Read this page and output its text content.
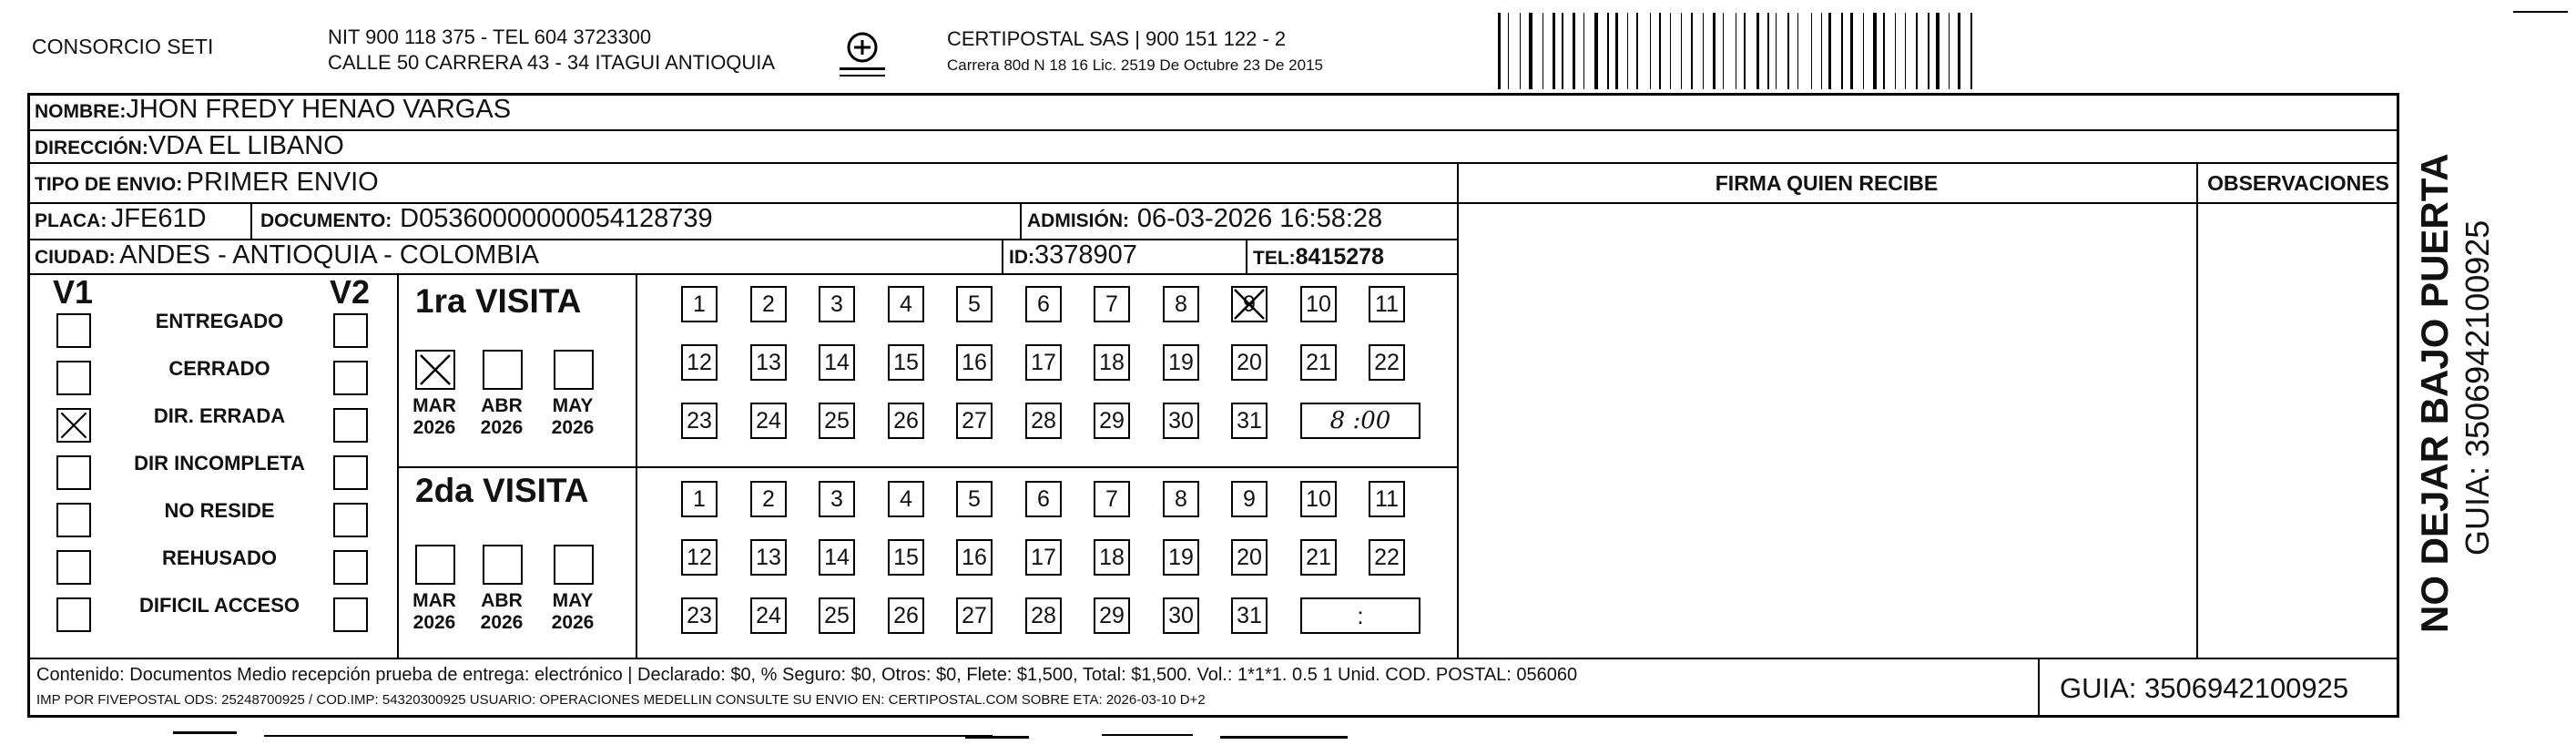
CONSORCIO SETI	NIT 900 118 375 - TEL 604 3723300
CALLE 50 CARRERA 43 - 34 ITAGUI ANTIOQUIA
CERTIPOSTAL SAS | 900 151 122 - 2
Carrera 80d N 18 16 Lic. 2519 De Octubre 23 De 2015
NOMBRE:JHON FREDY HENAO VARGAS
DIRECCIÓN:VDA EL LIBANO
TIPO DE ENVIO: PRIMER ENVIO
PLACA: JFE61D	DOCUMENTO: D05360000000054128739	ADMISIÓN: 06-03-2026 16:58:28
CIUDAD: ANDES - ANTIOQUIA - COLOMBIA	ID:3378907	TEL:8415278
FIRMA QUIEN RECIBE	OBSERVACIONES
V1	V2
ENTREGADO
CERRADO
DIR. ERRADA
DIR INCOMPLETA
NO RESIDE
REHUSADO
DIFICIL ACCESO
1ra VISITA
MAR
2026
ABR
2026
MAY
2026
1	2	3	4	5	6	7	8	9	10 11
12 13 14 15 16 17 18 19 20 21 22
23 24 25 26 27 28 29 30 31	8 :00
2da VISITA
MAR
2026
ABR
2026
MAY
2026
1	2	3	4	5	6	7	8	9	10 11
12 13 14 15 16 17 18 19 20 21 22
23 24 25 26 27 28 29 30 31	:
Contenido: Documentos Medio recepción prueba de entrega: electrónico | Declarado: $0, % Seguro: $0, Otros: $0, Flete: $1,500, Total: $1,500. Vol.: 1*1*1. 0.5 1 Unid. COD. POSTAL: 056060
IMP POR FIVEPOSTAL ODS: 25248700925 / COD.IMP: 54320300925 USUARIO: OPERACIONES MEDELLIN CONSULTE SU ENVIO EN: CERTIPOSTAL.COM SOBRE ETA: 2026-03-10 D+2	GUIA: 3506942100925
NO DEJAR BAJO PUERTA GUIA: 3506942100925
